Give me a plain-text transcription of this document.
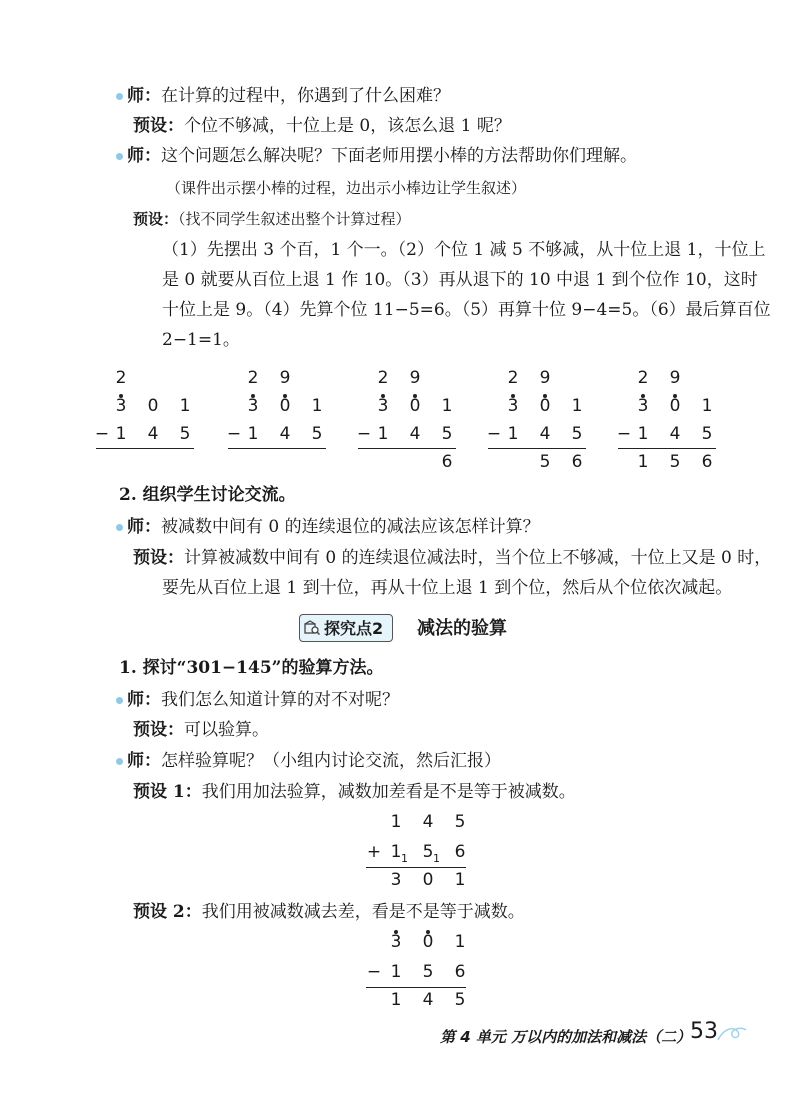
师：在计算的过程中，你遇到了什么困难？
预设：个位不够减，十位上是 0，该怎么退 1 呢？
师：这个问题怎么解决呢？下面老师用摆小棒的方法帮助你们理解。
（课件出示摆小棒的过程，边出示小棒边让学生叙述）
预设：（找不同学生叙述出整个计算过程）
（1）先摆出 3 个百，1 个一。（2）个位 1 减 5 不够减，从十位上退 1，十位上
是 0 就要从百位上退 1 作 10。（3）再从退下的 10 中退 1 到个位作 10，这时
十位上是 9。（4）先算个位 11−5=6。（5）再算十位 9−4=5。（6）最后算百位
2−1=1。
2
3 0 1
− 1 4 5
2 9
3 0 1
− 1 4 5
2 9
3 0 1
− 1 4 5
6
2 9
3 0 1
− 1 4 5
5 6
2 9
3 0 1
− 1 4 5
1 5 6
2. 组织学生讨论交流。
师：被减数中间有 0 的连续退位的减法应该怎样计算？
预设：计算被减数中间有 0 的连续退位减法时，当个位上不够减，十位上又是 0 时，
要先从百位上退 1 到十位，再从十位上退 1 到个位，然后从个位依次减起。
探究点2 减法的验算
1. 探讨“301−145”的验算方法。
师：我们怎么知道计算的对不对呢？
预设：可以验算。
师：怎样验算呢？（小组内讨论交流，然后汇报）
预设 1：我们用加法验算，减数加差看是不是等于被减数。
1 4 5
+ 1 5 6
1 1
3 0 1
预设 2：我们用被减数减去差，看是不是等于减数。
3 0 1
− 1 5 6
1 4 5
第 4 单元 万以内的加法和减法（二）
53
